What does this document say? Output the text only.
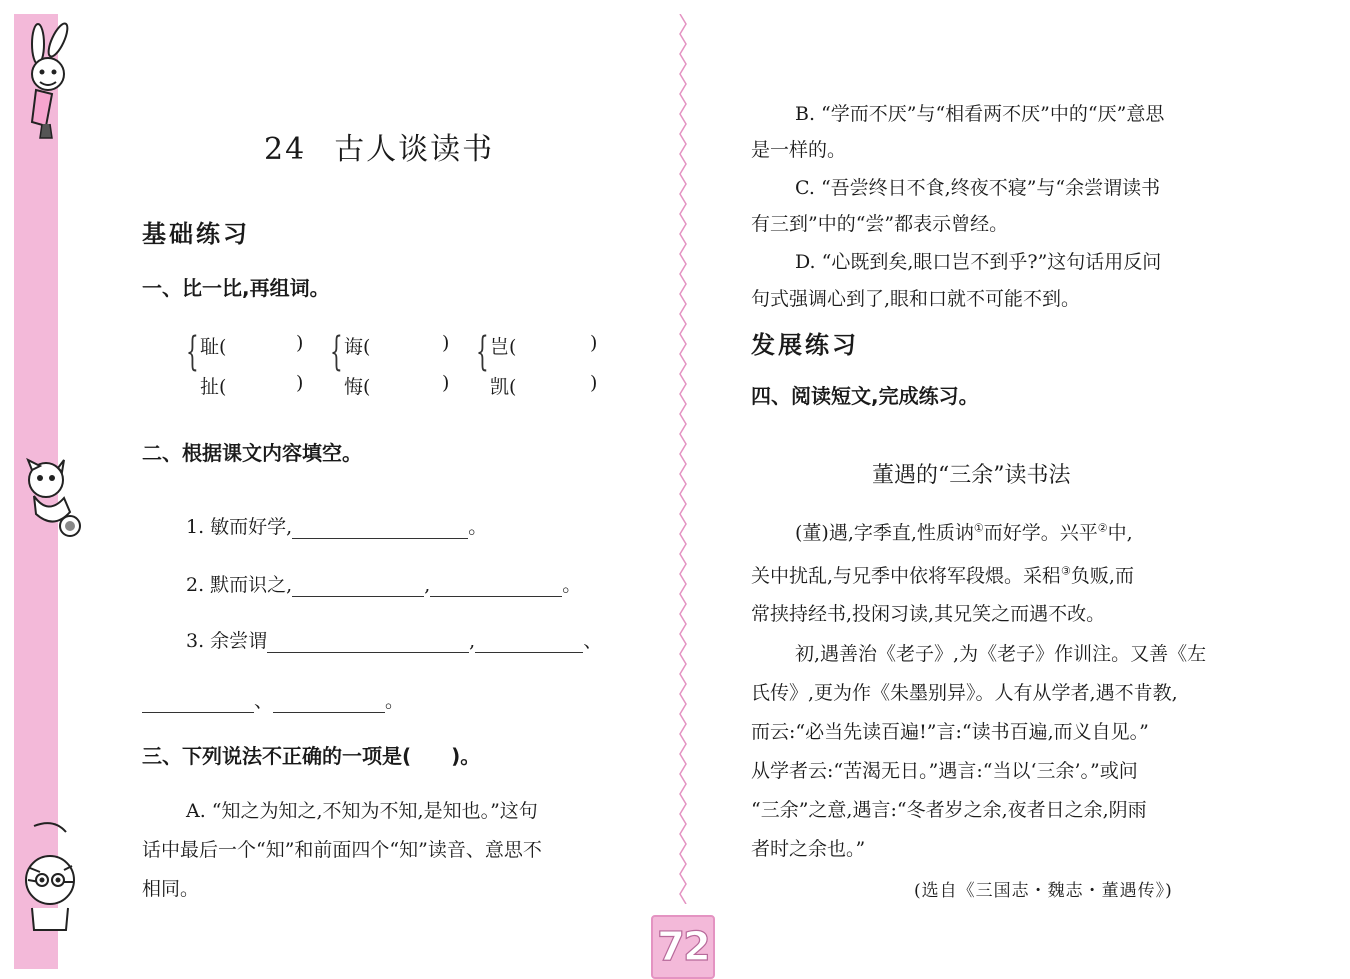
24 古人谈读书
基础练习
一、比一比,再组词。
{ 耻(	)
扯(	)
{ 诲(	)
悔(	)
{ 岂(	)
凯(	)
二、根据课文内容填空。
1. 敏而好学,	。
2. 默而识之,	,	。
3. 余尝谓	,	、
、	。
三、下列说法不正确的一项是(　　)。
A. “知之为知之,不知为不知,是知也。”这句
话中最后一个“知”和前面四个“知”读音、意思不
相同。
B. “学而不厌”与“相看两不厌”中的“厌”意思
是一样的。
C. “吾尝终日不食,终夜不寝”与“余尝谓读书
有三到”中的“尝”都表示曾经。
D. “心既到矣,眼口岂不到乎?”这句话用反问
句式强调心到了,眼和口就不可能不到。
发展练习
四、阅读短文,完成练习。
董遇的“三余”读书法
(董)遇,字季直,性质讷①而好学。兴平②中,
关中扰乱,与兄季中依将军段煨。采稆③负贩,而
常挟持经书,投闲习读,其兄笑之而遇不改。
初,遇善治《老子》,为《老子》作训注。又善《左
氏传》,更为作《朱墨别异》。人有从学者,遇不肯教,
而云:“必当先读百遍!”言:“读书百遍,而义自见。”
从学者云:“苦渴无日。”遇言:“当以‘三余’。”或问
“三余”之意,遇言:“冬者岁之余,夜者日之余,阴雨
者时之余也。”
(选自《三国志・魏志・董遇传》)
72
